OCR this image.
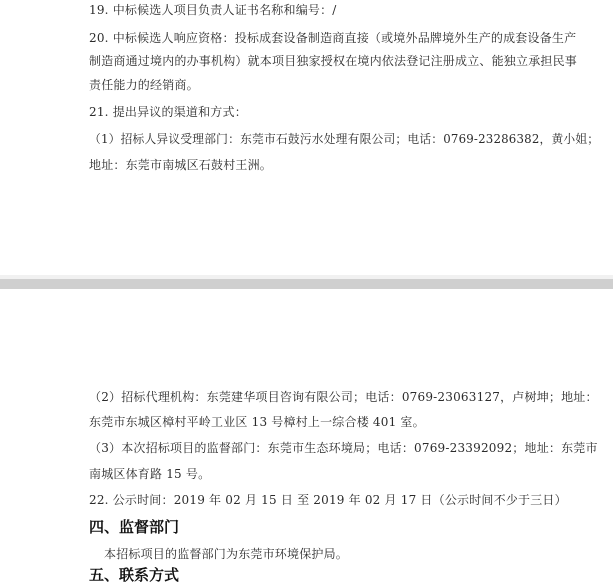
19. 中标候选人项目负责人证书名称和编号：/
20. 中标候选人响应资格：投标成套设备制造商直接（或境外品牌境外生产的成套设备生产
制造商通过境内的办事机构）就本项目独家授权在境内依法登记注册成立、能独立承担民事
责任能力的经销商。
21. 提出异议的渠道和方式：
（1）招标人异议受理部门：东莞市石鼓污水处理有限公司；电话：0769-23286382，黄小姐；
地址：东莞市南城区石鼓村王洲。
（2）招标代理机构：东莞建华项目咨询有限公司；电话：0769-23063127，卢树坤；地址：
东莞市东城区樟村平岭工业区 13 号樟村上一综合楼 401 室。
（3）本次招标项目的监督部门：东莞市生态环境局；电话：0769-23392092；地址：东莞市
南城区体育路 15 号。
22. 公示时间：2019 年 02 月 15 日 至 2019 年 02 月 17 日（公示时间不少于三日）
四、监督部门
本招标项目的监督部门为东莞市环境保护局。
五、联系方式
